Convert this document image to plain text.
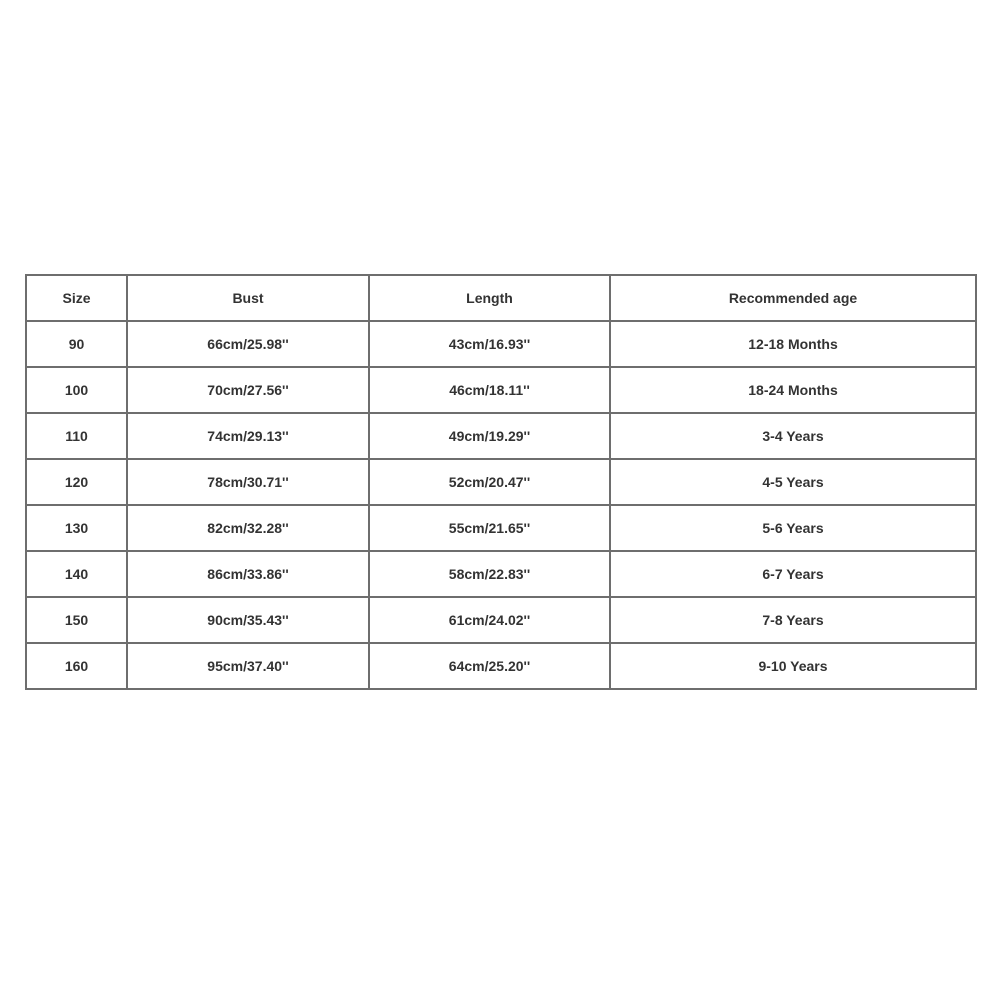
Size	Bust	Length	Recommended age
90	66cm/25.98''	43cm/16.93''	12-18 Months
100	70cm/27.56''	46cm/18.11''	18-24 Months
110	74cm/29.13''	49cm/19.29''	3-4 Years
120	78cm/30.71''	52cm/20.47''	4-5 Years
130	82cm/32.28''	55cm/21.65''	5-6 Years
140	86cm/33.86''	58cm/22.83''	6-7 Years
150	90cm/35.43''	61cm/24.02''	7-8 Years
160	95cm/37.40''	64cm/25.20''	9-10 Years
